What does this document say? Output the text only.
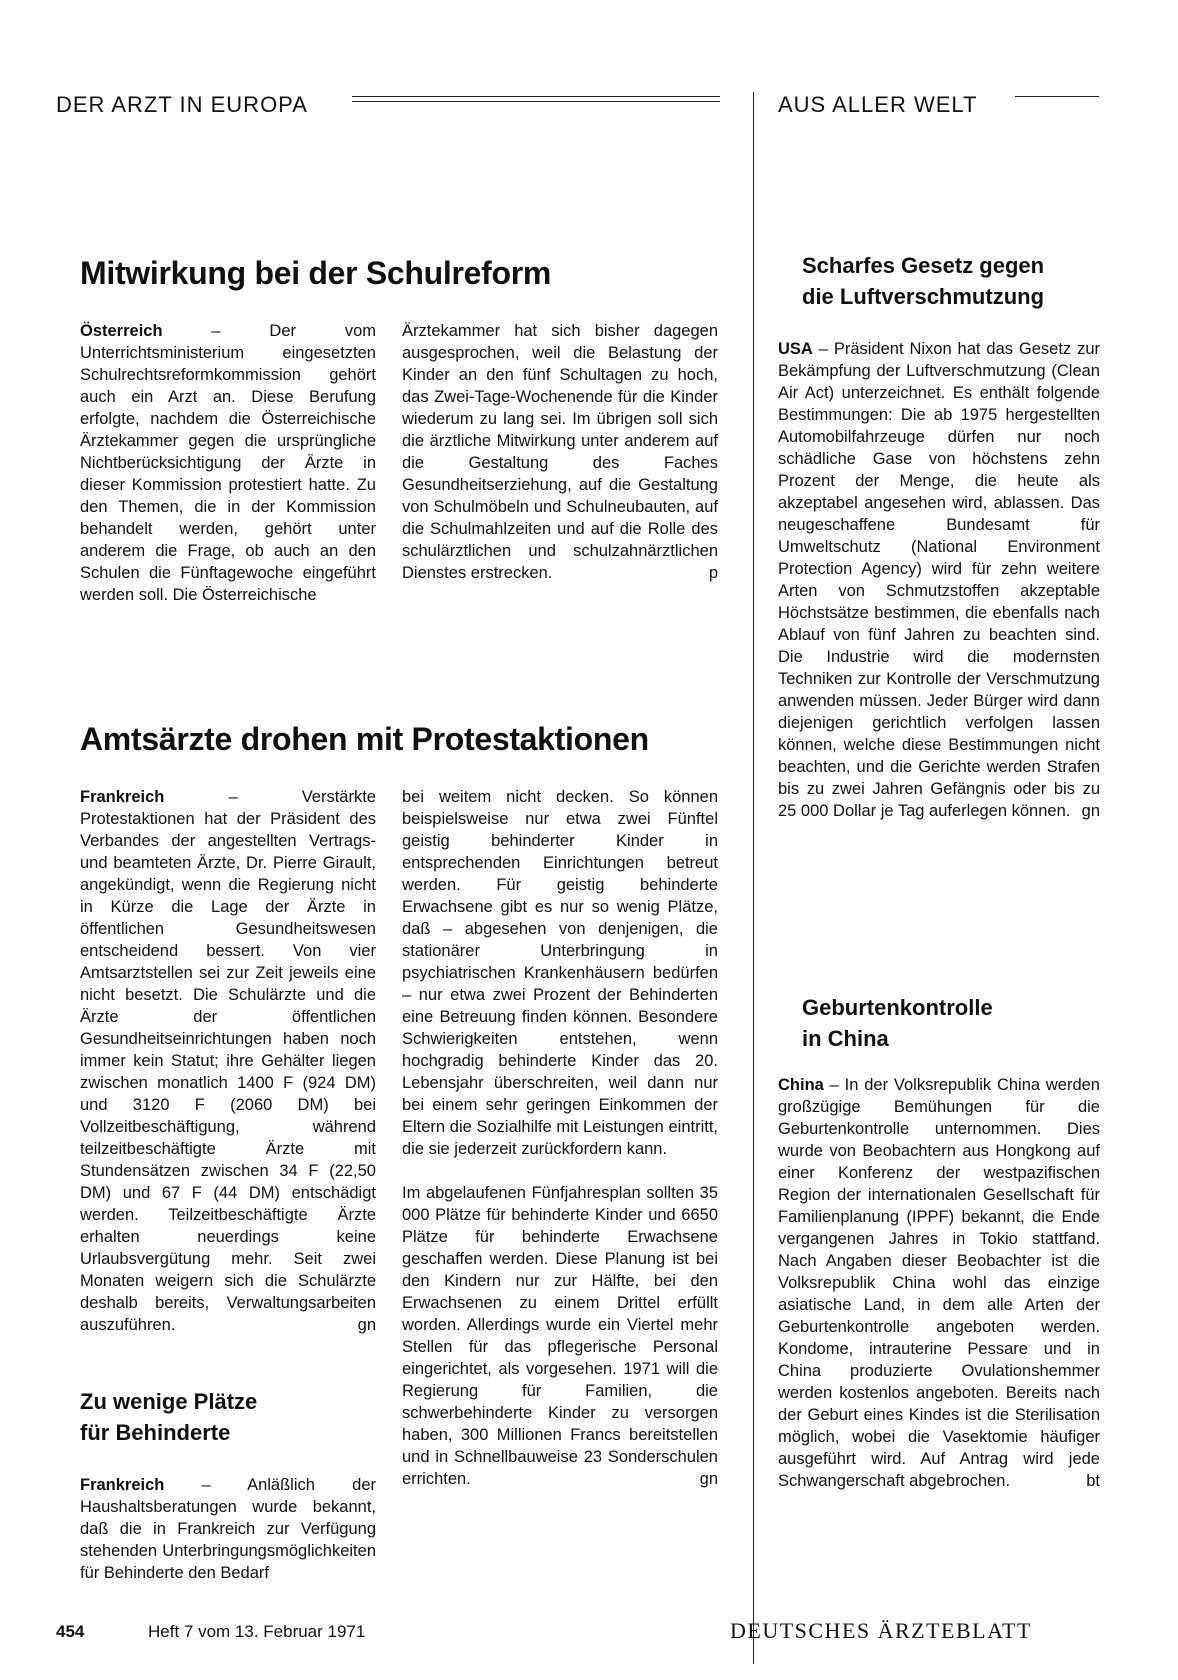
DER ARZT IN EUROPA	AUS ALLER WELT
Mitwirkung bei der Schulreform

Österreich – Der vom Unterrichtsministerium eingesetzten Schulrechtsreformkommission gehört auch ein Arzt an. Diese Berufung erfolgte, nachdem die Österreichische Ärztekammer gegen die ursprüngliche Nichtberücksichtigung der Ärzte in dieser Kommission protestiert hatte. Zu den Themen, die in der Kommission behandelt werden, gehört unter anderem die Frage, ob auch an den Schulen die Fünftagewoche eingeführt werden soll. Die Österreichische

Ärztekammer hat sich bisher dagegen ausgesprochen, weil die Belastung der Kinder an den fünf Schultagen zu hoch, das Zwei-Tage-Wochenende für die Kinder wiederum zu lang sei. Im übrigen soll sich die ärztliche Mitwirkung unter anderem auf die Gestaltung des Faches Gesundheitserziehung, auf die Gestaltung von Schulmöbeln und Schulneubauten, auf die Schulmahlzeiten und auf die Rolle des schulärztlichen und schulzahnärztlichen Dienstes erstrecken.	p

Amtsärzte drohen mit Protestaktionen

Frankreich – Verstärkte Protestaktionen hat der Präsident des Verbandes der angestellten Vertrags- und beamteten Ärzte, Dr. Pierre Girault, angekündigt, wenn die Regierung nicht in Kürze die Lage der Ärzte in öffentlichen Gesundheitswesen entscheidend bessert. Von vier Amtsarztstellen sei zur Zeit jeweils eine nicht besetzt. Die Schulärzte und die Ärzte der öffentlichen Gesundheitseinrichtungen haben noch immer kein Statut; ihre Gehälter liegen zwischen monatlich 1400 F (924 DM) und 3120 F (2060 DM) bei Vollzeitbeschäftigung, während teilzeitbeschäftigte Ärzte mit Stundensätzen zwischen 34 F (22,50 DM) und 67 F (44 DM) entschädigt werden. Teilzeitbeschäftigte Ärzte erhalten neuerdings keine Urlaubsvergütung mehr. Seit zwei Monaten weigern sich die Schulärzte deshalb bereits, Verwaltungsarbeiten auszuführen.	gn

Zu wenige Plätze
für Behinderte

Frankreich – Anläßlich der Haushaltsberatungen wurde bekannt, daß die in Frankreich zur Verfügung stehenden Unterbringungsmöglichkeiten für Behinderte den Bedarf

bei weitem nicht decken. So können beispielsweise nur etwa zwei Fünftel geistig behinderter Kinder in entsprechenden Einrichtungen betreut werden. Für geistig behinderte Erwachsene gibt es nur so wenig Plätze, daß – abgesehen von denjenigen, die stationärer Unterbringung in psychiatrischen Krankenhäusern bedürfen – nur etwa zwei Prozent der Behinderten eine Betreuung finden können. Besondere Schwierigkeiten entstehen, wenn hochgradig behinderte Kinder das 20. Lebensjahr überschreiten, weil dann nur bei einem sehr geringen Einkommen der Eltern die Sozialhilfe mit Leistungen eintritt, die sie jederzeit zurückfordern kann.

Im abgelaufenen Fünfjahresplan sollten 35 000 Plätze für behinderte Kinder und 6650 Plätze für behinderte Erwachsene geschaffen werden. Diese Planung ist bei den Kindern nur zur Hälfte, bei den Erwachsenen zu einem Drittel erfüllt worden. Allerdings wurde ein Viertel mehr Stellen für das pflegerische Personal eingerichtet, als vorgesehen. 1971 will die Regierung für Familien, die schwerbehinderte Kinder zu versorgen haben, 300 Millionen Francs bereitstellen und in Schnellbauweise 23 Sonderschulen errichten.	gn

Scharfes Gesetz gegen
die Luftverschmutzung

USA – Präsident Nixon hat das Gesetz zur Bekämpfung der Luftverschmutzung (Clean Air Act) unterzeichnet. Es enthält folgende Bestimmungen: Die ab 1975 hergestellten Automobilfahrzeuge dürfen nur noch schädliche Gase von höchstens zehn Prozent der Menge, die heute als akzeptabel angesehen wird, ablassen. Das neugeschaffene Bundesamt für Umweltschutz (National Environment Protection Agency) wird für zehn weitere Arten von Schmutzstoffen akzeptable Höchstsätze bestimmen, die ebenfalls nach Ablauf von fünf Jahren zu beachten sind. Die Industrie wird die modernsten Techniken zur Kontrolle der Verschmutzung anwenden müssen. Jeder Bürger wird dann diejenigen gerichtlich verfolgen lassen können, welche diese Bestimmungen nicht beachten, und die Gerichte werden Strafen bis zu zwei Jahren Gefängnis oder bis zu 25 000 Dollar je Tag auferlegen können. gn

Geburtenkontrolle
in China

China – In der Volksrepublik China werden großzügige Bemühungen für die Geburtenkontrolle unternommen. Dies wurde von Beobachtern aus Hongkong auf einer Konferenz der westpazifischen Region der internationalen Gesellschaft für Familienplanung (IPPF) bekannt, die Ende vergangenen Jahres in Tokio stattfand. Nach Angaben dieser Beobachter ist die Volksrepublik China wohl das einzige asiatische Land, in dem alle Arten der Geburtenkontrolle angeboten werden. Kondome, intrauterine Pessare und in China produzierte Ovulationshemmer werden kostenlos angeboten. Bereits nach der Geburt eines Kindes ist die Sterilisation möglich, wobei die Vasektomie häufiger ausgeführt wird. Auf Antrag wird jede Schwangerschaft abgebrochen.	bt

454	Heft 7 vom 13. Februar 1971	DEUTSCHES ÄRZTEBLATT
